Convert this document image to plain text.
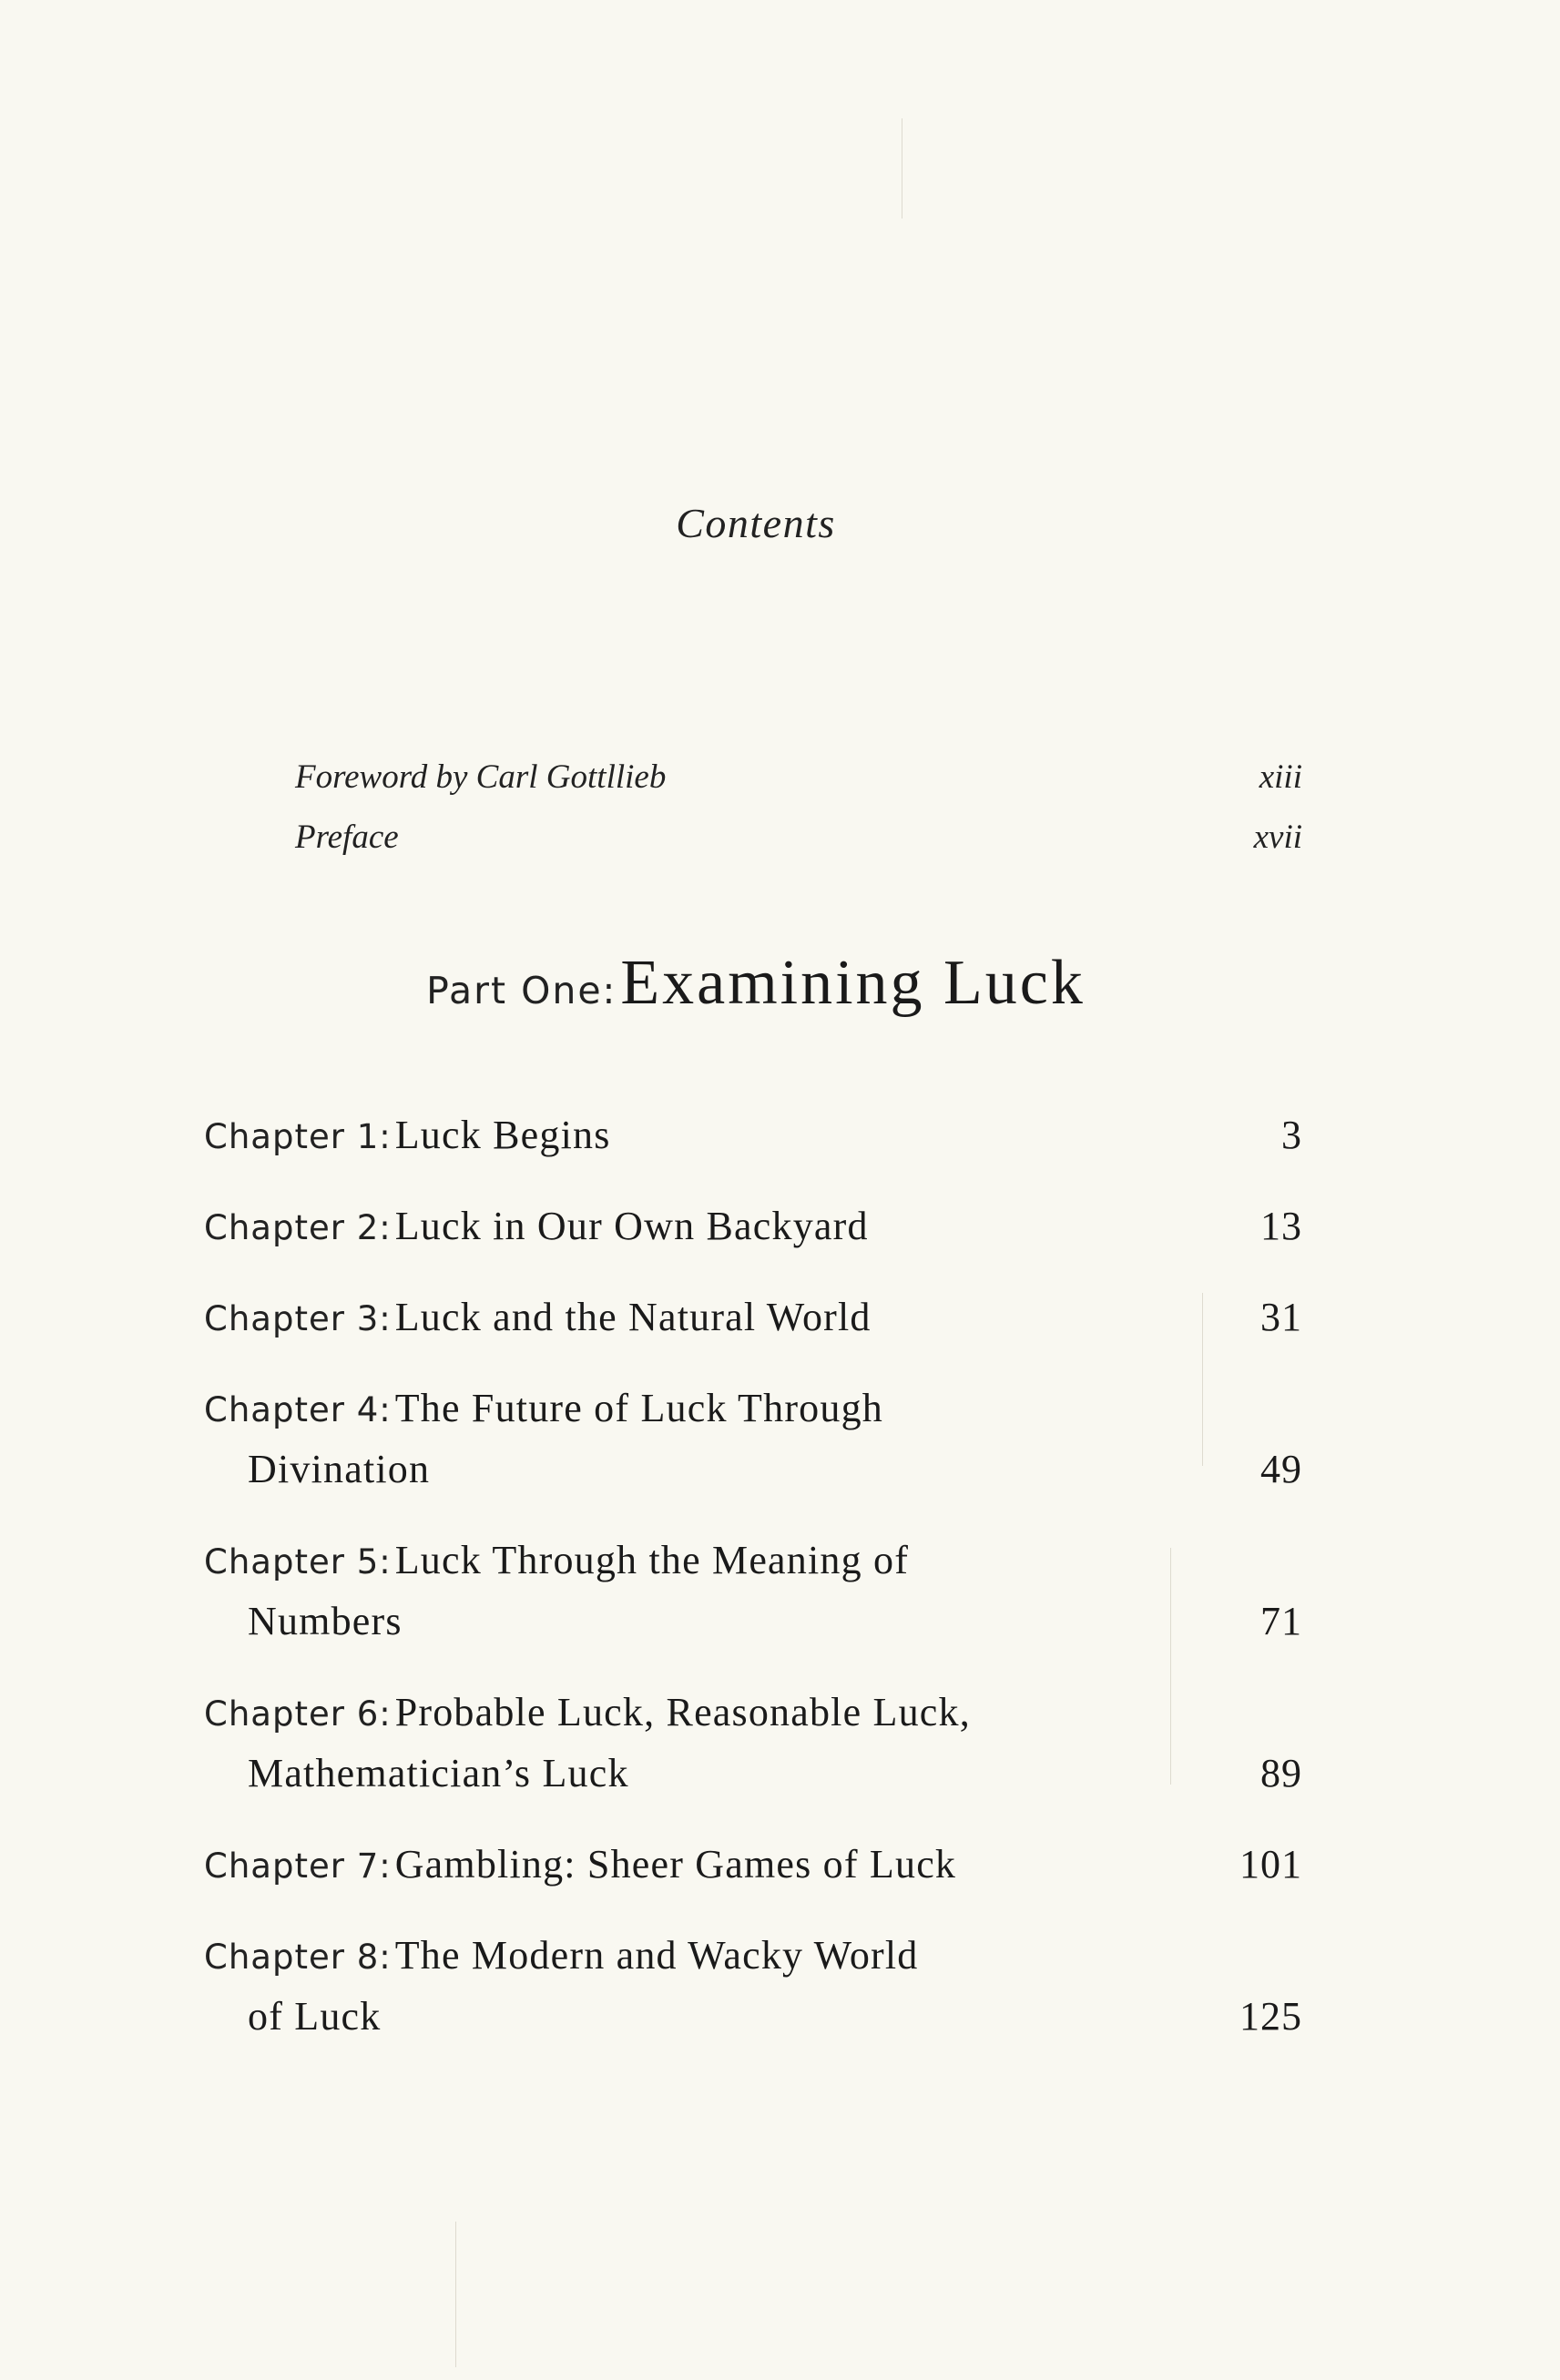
Contents
Foreword by Carl Gottllieb	xiii
Preface	xvii
Part One: Examining Luck
Chapter 1: Luck Begins	3
Chapter 2: Luck in Our Own Backyard	13
Chapter 3: Luck and the Natural World	31
Chapter 4: The Future of Luck Through
Divination	49
Chapter 5: Luck Through the Meaning of
Numbers	71
Chapter 6: Probable Luck, Reasonable Luck,
Mathematician’s Luck	89
Chapter 7: Gambling: Sheer Games of Luck	101
Chapter 8: The Modern and Wacky World
of Luck	125
